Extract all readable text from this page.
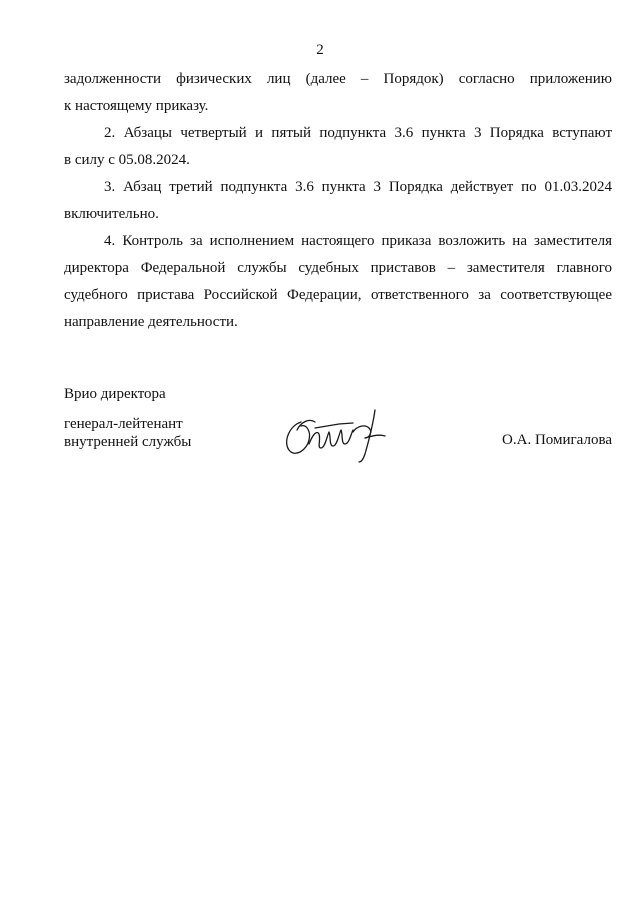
2

задолженности физических лиц (далее – Порядок) согласно приложению
к настоящему приказу.

2. Абзацы четвертый и пятый подпункта 3.6 пункта 3 Порядка вступают
в силу с 05.08.2024.

3. Абзац третий подпункта 3.6 пункта 3 Порядка действует по 01.03.2024
включительно.

4. Контроль за исполнением настоящего приказа возложить на заместителя
директора Федеральной службы судебных приставов – заместителя главного
судебного пристава Российской Федерации, ответственного за соответствующее
направление деятельности.

Врио директора
генерал-лейтенант
внутренней службы	О.А. Помигалова
